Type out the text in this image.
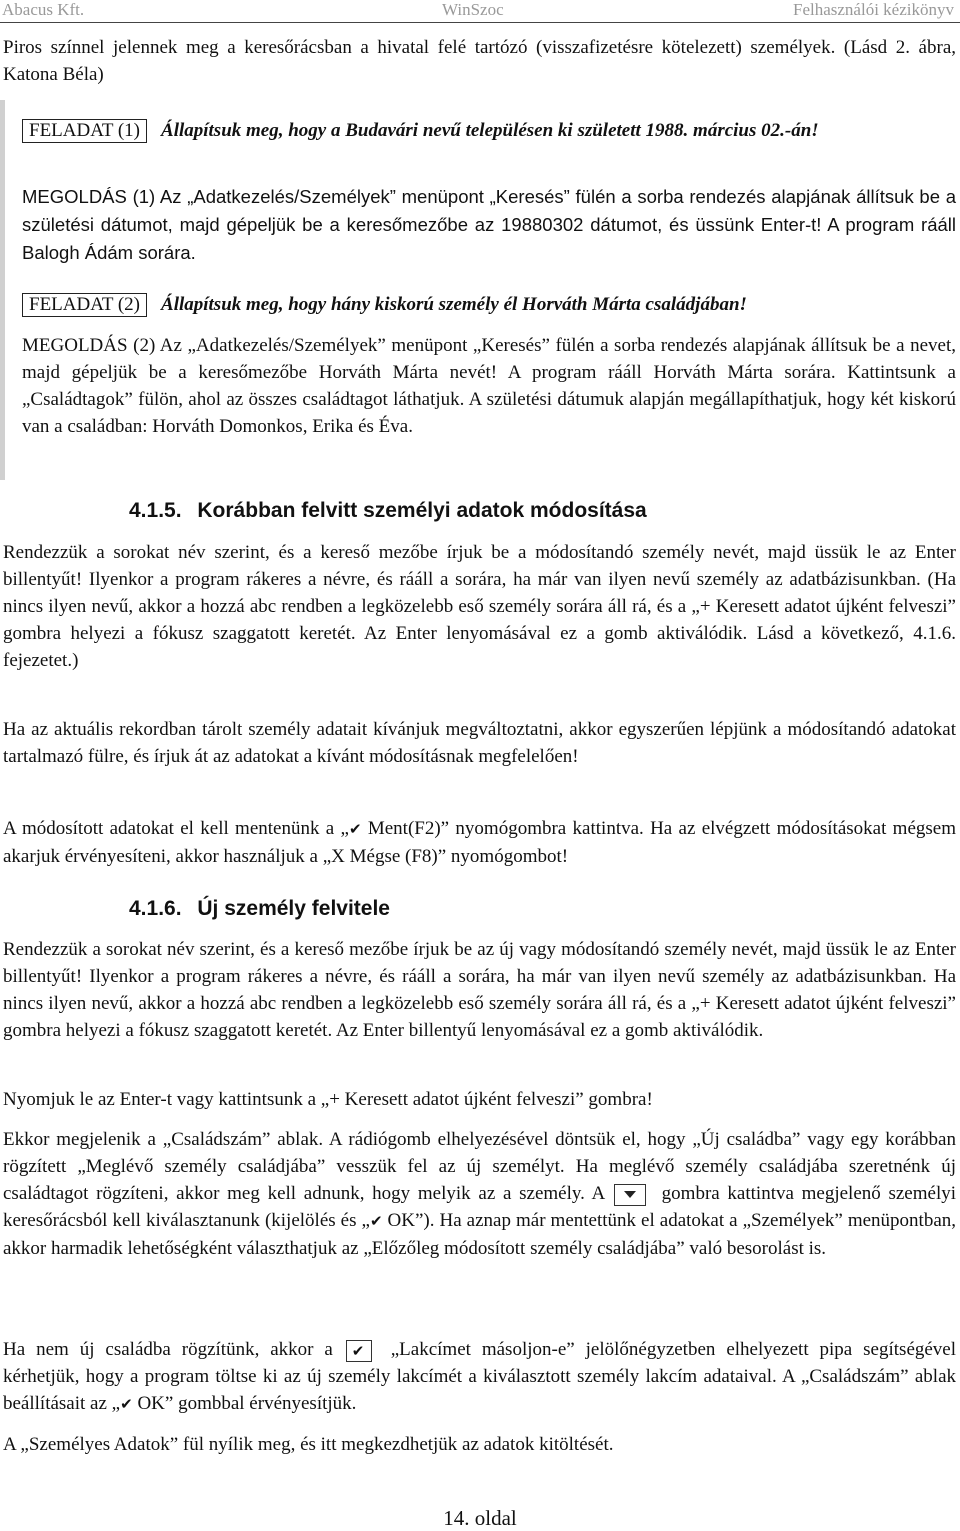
Abacus Kft.	WinSzoc	Felhasználói kézikönyv

Piros színnel jelennek meg a keresőrácsban a hivatal felé tartózó (visszafizetésre kötelezett) személyek. (Lásd 2. ábra, Katona Béla)

FELADAT (1) Állapítsuk meg, hogy a Budavári nevű településen ki született 1988. március 02.-án!

MEGOLDÁS (1) Az „Adatkezelés/Személyek” menüpont „Keresés” fülén a sorba rendezés alapjának állítsuk be a születési dátumot, majd gépeljük be a keresőmezőbe az 19880302 dátumot, és üssünk Enter-t! A program rááll Balogh Ádám sorára.

FELADAT (2) Állapítsuk meg, hogy hány kiskorú személy él Horváth Márta családjában!

MEGOLDÁS (2) Az „Adatkezelés/Személyek” menüpont „Keresés” fülén a sorba rendezés alapjának állítsuk be a nevet, majd gépeljük be a keresőmezőbe Horváth Márta nevét! A program rááll Horváth Márta sorára. Kattintsunk a „Családtagok” fülön, ahol az összes családtagot láthatjuk. A születési dátumuk alapján megállapíthatjuk, hogy két kiskorú van a családban: Horváth Domonkos, Erika és Éva.

4.1.5. Korábban felvitt személyi adatok módosítása

Rendezzük a sorokat név szerint, és a kereső mezőbe írjuk be a módosítandó személy nevét, majd üssük le az Enter billentyűt! Ilyenkor a program rákeres a névre, és rááll a sorára, ha már van ilyen nevű személy az adatbázisunkban. (Ha nincs ilyen nevű, akkor a hozzá abc rendben a legközelebb eső személy sorára áll rá, és a „+ Keresett adatot újként felveszi” gombra helyezi a fókusz szaggatott keretét. Az Enter lenyomásával ez a gomb aktiválódik. Lásd a következő, 4.1.6. fejezetet.)

Ha az aktuális rekordban tárolt személy adatait kívánjuk megváltoztatni, akkor egyszerűen lépjünk a módosítandó adatokat tartalmazó fülre, és írjuk át az adatokat a kívánt módosításnak megfelelően!

A módosított adatokat el kell mentenünk a „✔ Ment(F2)” nyomógombra kattintva. Ha az elvégzett módosításokat mégsem akarjuk érvényesíteni, akkor használjuk a „X Mégse (F8)” nyomógombot!

4.1.6. Új személy felvitele

Rendezzük a sorokat név szerint, és a kereső mezőbe írjuk be az új vagy módosítandó személy nevét, majd üssük le az Enter billentyűt! Ilyenkor a program rákeres a névre, és rááll a sorára, ha már van ilyen nevű személy az adatbázisunkban. Ha nincs ilyen nevű, akkor a hozzá abc rendben a legközelebb eső személy sorára áll rá, és a „+ Keresett adatot újként felveszi” gombra helyezi a fókusz szaggatott keretét. Az Enter billentyű lenyomásával ez a gomb aktiválódik.

Nyomjuk le az Enter-t vagy kattintsunk a „+ Keresett adatot újként felveszi” gombra!

Ekkor megjelenik a „Családszám” ablak. A rádiógomb elhelyezésével döntsük el, hogy „Új családba” vagy egy korábban rögzített „Meglévő személy családjába” vesszük fel az új személyt. Ha meglévő személy családjába szeretnénk új családtagot rögzíteni, akkor meg kell adnunk, hogy melyik az a személy. A	gombra kattintva megjelenő személyi keresőrácsból kell kiválasztanunk (kijelölés és „✔ OK”). Ha aznap már mentettünk el adatokat a „Személyek” menüpontban, akkor harmadik lehetőségként választhatjuk az „Előzőleg módosított személy családjába” való besorolást is.

Ha nem új családba rögzítünk, akkor a ✔	„Lakcímet másoljon-e” jelölőnégyzetben elhelyezett pipa segítségével kérhetjük, hogy a program töltse ki az új személy lakcímét a kiválasztott személy lakcím adataival. A „Családszám” ablak beállításait az „✔ OK” gombbal érvényesítjük.

A „Személyes Adatok” fül nyílik meg, és itt megkezdhetjük az adatok kitöltését.

14. oldal
